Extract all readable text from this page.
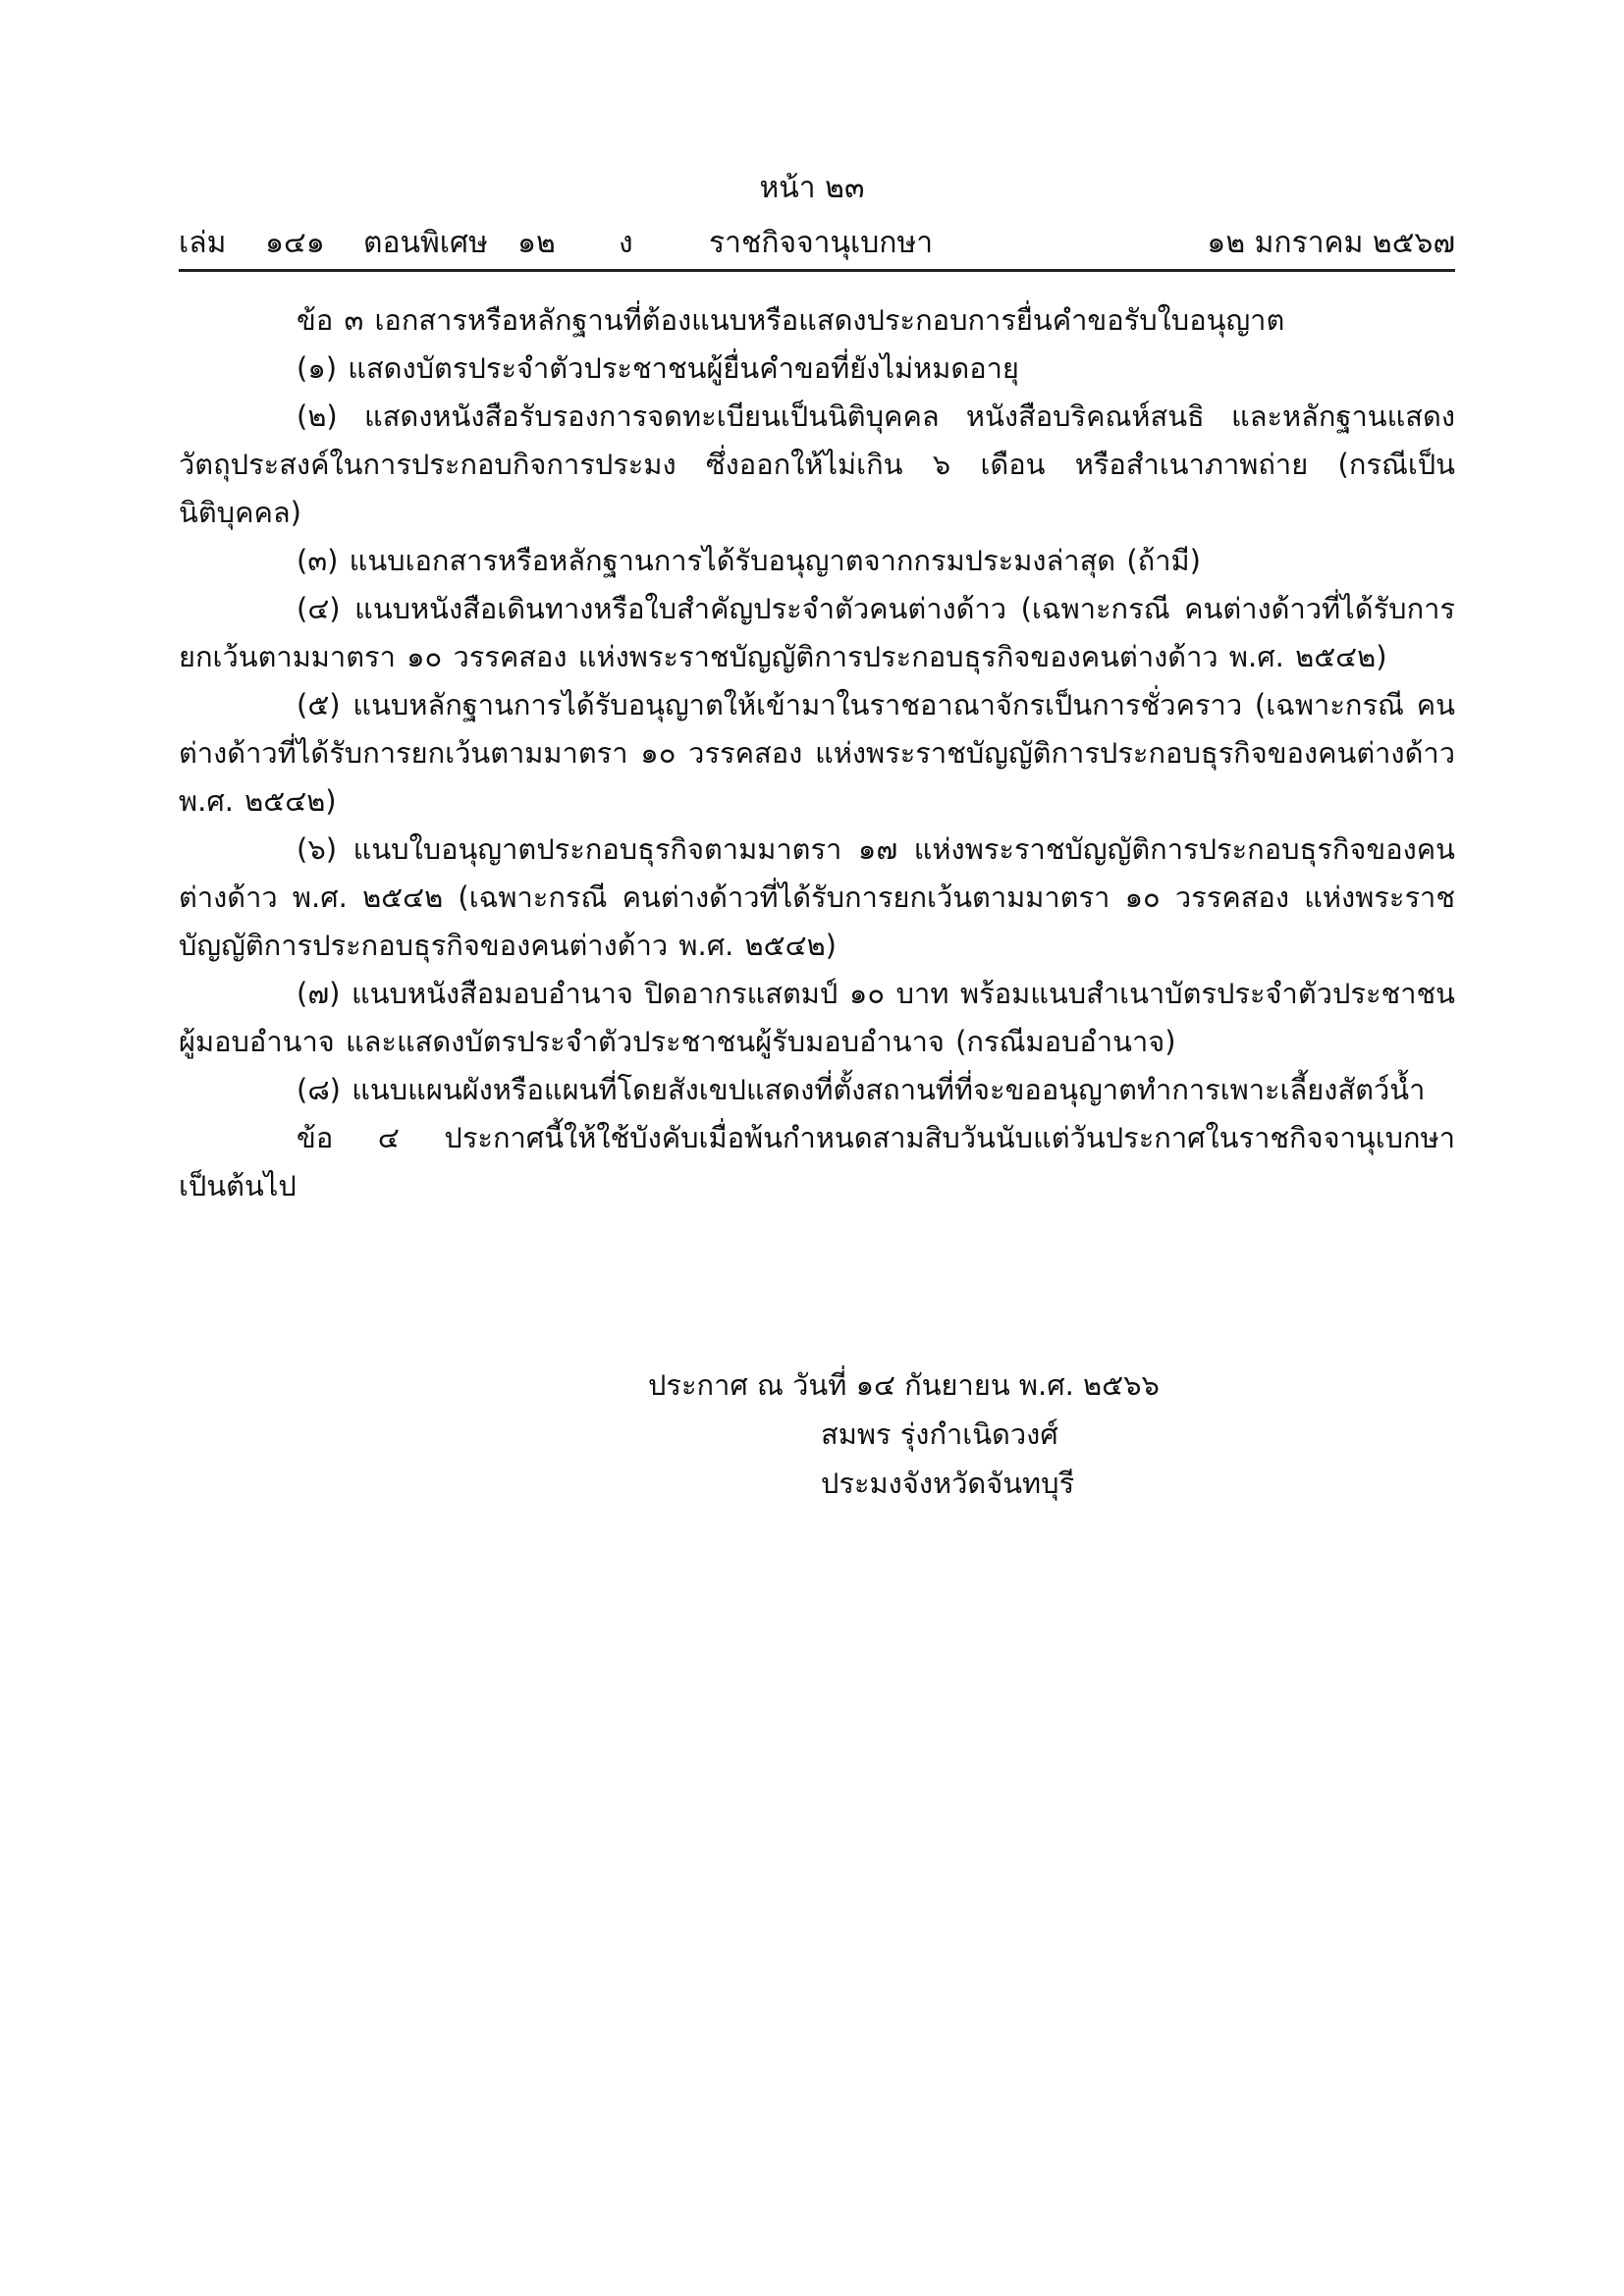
หน้า ๒๓
เล่ม ๑๔๑ ตอนพิเศษ ๑๒ ง	ราชกิจจานุเบกษา	๑๒ มกราคม ๒๕๖๗

ข้อ ๓ เอกสารหรือหลักฐานที่ต้องแนบหรือแสดงประกอบการยื่นคำขอรับใบอนุญาต

(๑) แสดงบัตรประจำตัวประชาชนผู้ยื่นคำขอที่ยังไม่หมดอายุ

(๒) แสดงหนังสือรับรองการจดทะเบียนเป็นนิติบุคคล หนังสือบริคณห์สนธิ และหลักฐานแสดงวัตถุประสงค์ในการประกอบกิจการประมง ซึ่งออกให้ไม่เกิน ๖ เดือน หรือสำเนาภาพถ่าย (กรณีเป็นนิติบุคคล)

(๓) แนบเอกสารหรือหลักฐานการได้รับอนุญาตจากกรมประมงล่าสุด (ถ้ามี)

(๔) แนบหนังสือเดินทางหรือใบสำคัญประจำตัวคนต่างด้าว (เฉพาะกรณี คนต่างด้าวที่ได้รับการยกเว้นตามมาตรา ๑๐ วรรคสอง แห่งพระราชบัญญัติการประกอบธุรกิจของคนต่างด้าว พ.ศ. ๒๕๔๒)

(๕) แนบหลักฐานการได้รับอนุญาตให้เข้ามาในราชอาณาจักรเป็นการชั่วคราว (เฉพาะกรณี คนต่างด้าวที่ได้รับการยกเว้นตามมาตรา ๑๐ วรรคสอง แห่งพระราชบัญญัติการประกอบธุรกิจของคนต่างด้าว พ.ศ. ๒๕๔๒)

(๖) แนบใบอนุญาตประกอบธุรกิจตามมาตรา ๑๗ แห่งพระราชบัญญัติการประกอบธุรกิจของคนต่างด้าว พ.ศ. ๒๕๔๒ (เฉพาะกรณี คนต่างด้าวที่ได้รับการยกเว้นตามมาตรา ๑๐ วรรคสอง แห่งพระราชบัญญัติการประกอบธุรกิจของคนต่างด้าว พ.ศ. ๒๕๔๒)

(๗) แนบหนังสือมอบอำนาจ ปิดอากรแสตมป์ ๑๐ บาท พร้อมแนบสำเนาบัตรประจำตัวประชาชนผู้มอบอำนาจ และแสดงบัตรประจำตัวประชาชนผู้รับมอบอำนาจ (กรณีมอบอำนาจ)

(๘) แนบแผนผังหรือแผนที่โดยสังเขปแสดงที่ตั้งสถานที่ที่จะขออนุญาตทำการเพาะเลี้ยงสัตว์น้ำ

ข้อ ๔ ประกาศนี้ให้ใช้บังคับเมื่อพ้นกำหนดสามสิบวันนับแต่วันประกาศในราชกิจจานุเบกษาเป็นต้นไป

ประกาศ ณ วันที่ ๑๔ กันยายน พ.ศ. ๒๕๖๖
สมพร รุ่งกำเนิดวงศ์
ประมงจังหวัดจันทบุรี
